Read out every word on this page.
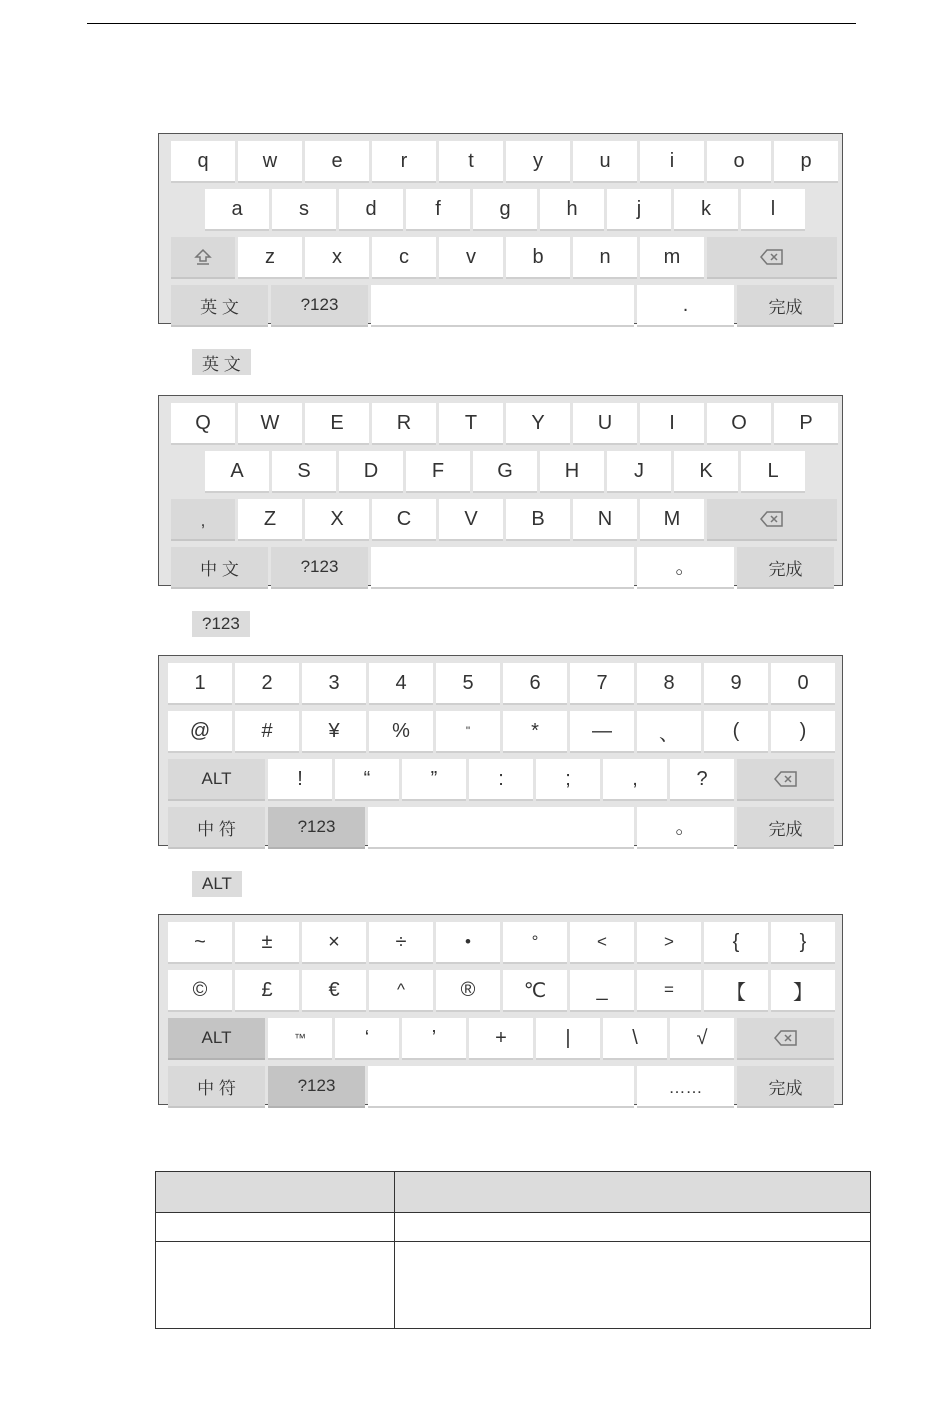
q	w	e	r	t	y	u	i	o	p
a	s	d	f	g	h	j	k	l
z	x	c	v	b	n	m
英 文	?123	.	完成
英 文
Q	W	E	R	T	Y	U	I	O	P
A	S	D	F	G	H	J	K	L
,	Z	X	C	V	B	N	M
中 文	?123	。	完成
?123
1	2	3	4	5	6	7	8	9	0
@	#	¥	%	"	*	—	、	(	)
ALT	!	“	”	:	;	,	?
中 符	?123	。	完成
ALT
~	±	×	÷	•	°	<	>	{	}
©	£	€	^	®	℃	_	=	【	】
ALT	™	‘	’	+	|	\	√
中 符	?123	……	完成
